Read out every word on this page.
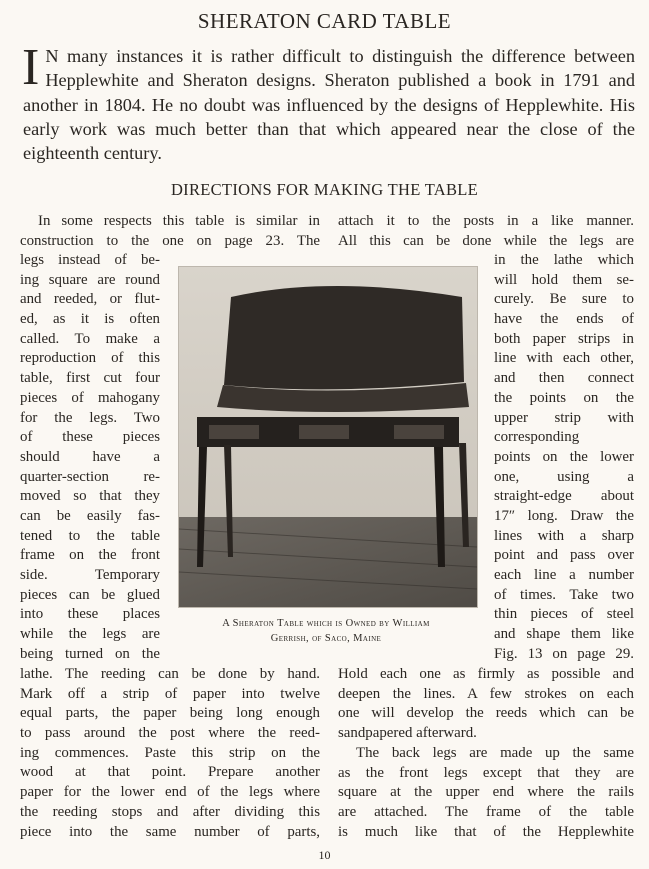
SHERATON CARD TABLE

I N many instances it is rather difficult to distinguish the difference between Hepplewhite and Sheraton designs. Sheraton published a book in 1791 and another in 1804. He no doubt was influenced by the designs of Hepplewhite. His early work was much better than that which appeared near the close of the eighteenth century.

DIRECTIONS FOR MAKING THE TABLE
In some respects this table is similar in
construction to the one on page 23. The
legs instead of be-
ing square are round
and reeded, or flut-
ed, as it is often
called. To make a
reproduction of this
table, first cut four
pieces of mahogany
for the legs. Two
of these pieces
should have a
quarter-section re-
moved so that they
can be easily fas-
tened to the table
frame on the front
side. Temporary
pieces can be glued
into these places
while the legs are
being turned on the
lathe. The reeding can be done by hand.
Mark off a strip of paper into twelve
equal parts, the paper being long enough
to pass around the post where the reed-
ing commences. Paste this strip on the
wood at that point. Prepare another
paper for the lower end of the legs where
the reeding stops and after dividing this
piece into the same number of parts,
attach it to the posts in a like manner.
All this can be done while the legs are
in the lathe which
will hold them se-
curely. Be sure to
have the ends of
both paper strips in
line with each other,
and then connect
the points on the
upper strip with
corresponding
points on the lower
one, using a
straight-edge about
17″ long. Draw the
lines with a sharp
point and pass over
each line a number
of times. Take two
thin pieces of steel
and shape them like
Fig. 13 on page 29.
Hold each one as firmly as possible and
deepen the lines. A few strokes on each
one will develop the reeds which can be
sandpapered afterward.
The back legs are made up the same
as the front legs except that they are
square at the upper end where the rails
are attached. The frame of the table
is much like that of the Hepplewhite
A Sheraton Table which is Owned by William
Gerrish, of Saco, Maine
10
